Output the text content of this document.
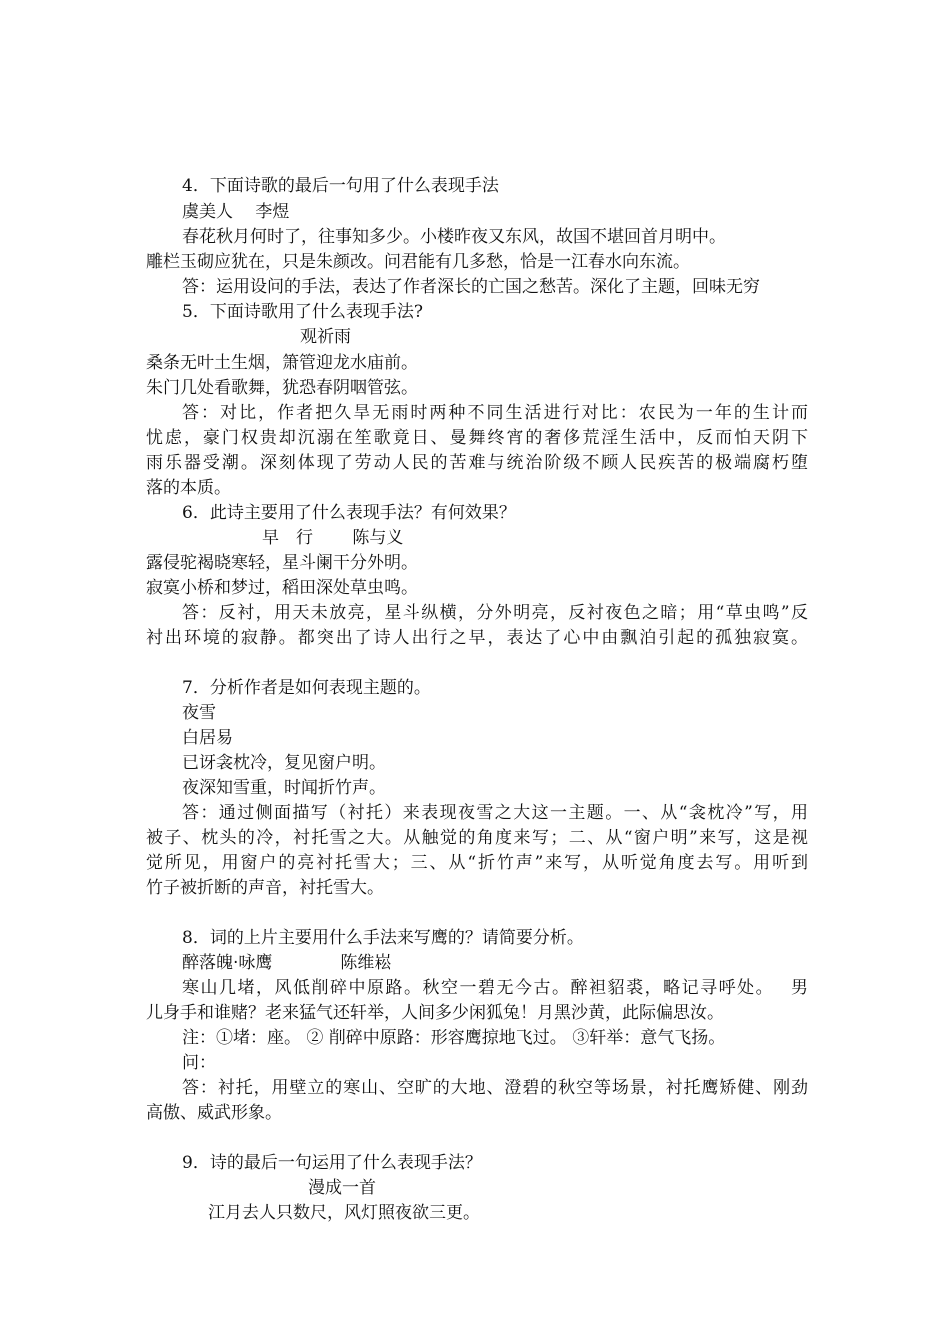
4．下面诗歌的最后一句用了什么表现手法
虞美人　 李煜
春花秋月何时了，往事知多少。小楼昨夜又东风，故国不堪回首月明中。
雕栏玉砌应犹在，只是朱颜改。问君能有几多愁，恰是一江春水向东流。
答：运用设问的手法，表达了作者深长的亡国之愁苦。深化了主题，回味无穷
5．下面诗歌用了什么表现手法?
观祈雨
桑条无叶土生烟，箫管迎龙水庙前。
朱门几处看歌舞，犹恐春阴咽管弦。
答：对比，作者把久旱无雨时两种不同生活进行对比：农民为一年的生计而
忧虑，豪门权贵却沉溺在笙歌竟日、曼舞终宵的奢侈荒淫生活中，反而怕天阴下
雨乐器受潮。深刻体现了劳动人民的苦难与统治阶级不顾人民疾苦的极端腐朽堕
落的本质。
6．此诗主要用了什么表现手法？有何效果？
早　行　　 陈与义
露侵驼褐晓寒轻，星斗阑干分外明。
寂寞小桥和梦过，稻田深处草虫鸣。
答：反衬，用天未放亮，星斗纵横，分外明亮，反衬夜色之暗；用“草虫鸣”反
衬出环境的寂静。都突出了诗人出行之早，表达了心中由飘泊引起的孤独寂寞。
7．分析作者是如何表现主题的。
夜雪
白居易
已讶衾枕冷，复见窗户明。
夜深知雪重，时闻折竹声。
答：通过侧面描写（衬托）来表现夜雪之大这一主题。一、从“衾枕冷”写，用
被子、枕头的冷，衬托雪之大。从触觉的角度来写；二、从“窗户明”来写，这是视
觉所见，用窗户的亮衬托雪大；三、从“折竹声”来写，从听觉角度去写。用听到
竹子被折断的声音，衬托雪大。
8．词的上片主要用什么手法来写鹰的？请简要分析。
醉落魄·咏鹰　　　　陈维崧
寒山几堵，风低削碎中原路。秋空一碧无今古。醉袒貂裘，略记寻呼处。　 男
儿身手和谁赌？老来猛气还轩举，人间多少闲狐兔！月黑沙黄，此际偏思汝。
注：①堵：座。 ② 削碎中原路：形容鹰掠地飞过。 ③轩举：意气飞扬。
问：
答：衬托，用壁立的寒山、空旷的大地、澄碧的秋空等场景，衬托鹰矫健、刚劲
高傲、威武形象。
9．诗的最后一句运用了什么表现手法？
漫成一首
江月去人只数尺，风灯照夜欲三更。
